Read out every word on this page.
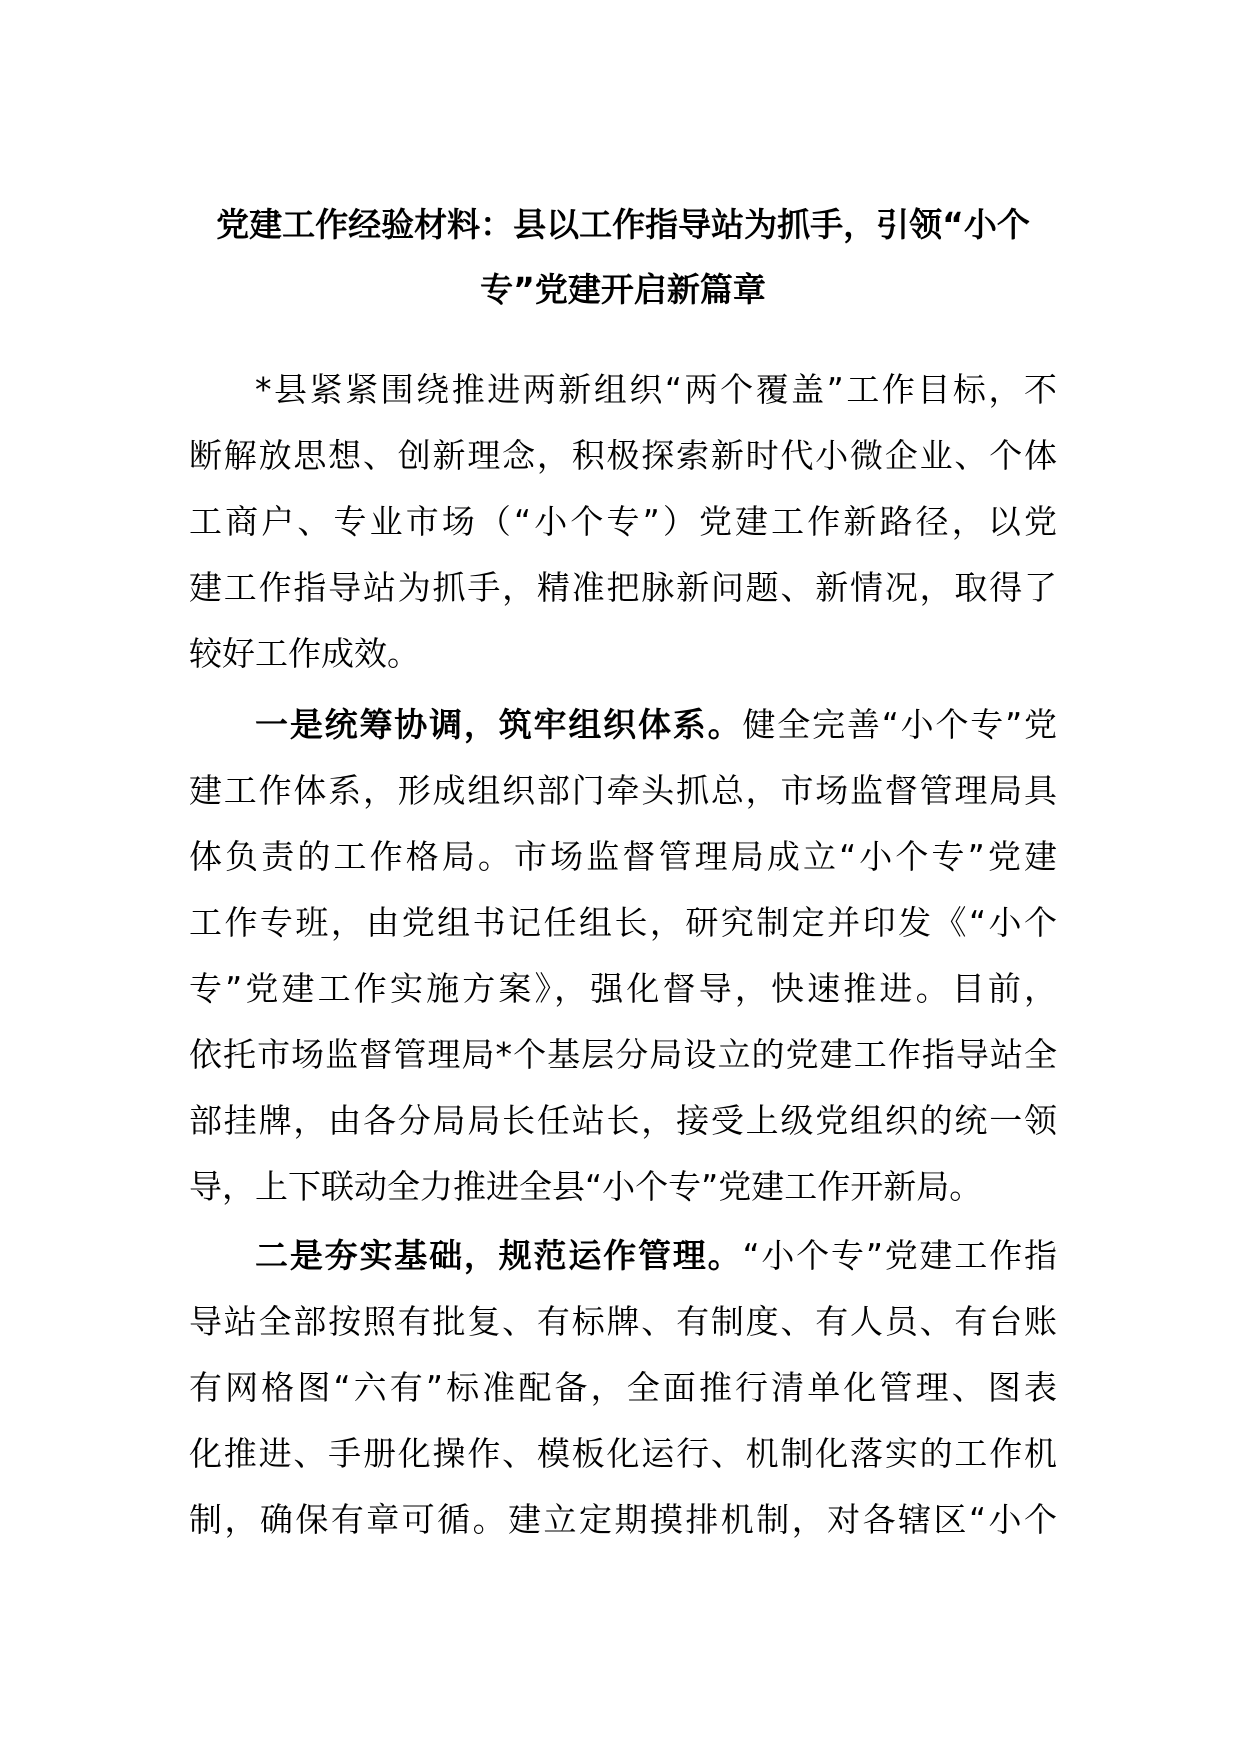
党建工作经验材料：县以工作指导站为抓手，引领“小个
专”党建开启新篇章
*县紧紧围绕推进两新组织“两个覆盖”工作目标，不
断解放思想、创新理念，积极探索新时代小微企业、个体
工商户、专业市场（“小个专”）党建工作新路径，以党
建工作指导站为抓手，精准把脉新问题、新情况，取得了
较好工作成效。
一是统筹协调，筑牢组织体系。健全完善“小个专”党
建工作体系，形成组织部门牵头抓总，市场监督管理局具
体负责的工作格局。市场监督管理局成立“小个专”党建
工作专班，由党组书记任组长，研究制定并印发《“小个
专”党建工作实施方案》，强化督导，快速推进。目前，
依托市场监督管理局*个基层分局设立的党建工作指导站全
部挂牌，由各分局局长任站长，接受上级党组织的统一领
导，上下联动全力推进全县“小个专”党建工作开新局。
二是夯实基础，规范运作管理。“小个专”党建工作指
导站全部按照有批复、有标牌、有制度、有人员、有台账
有网格图“六有”标准配备，全面推行清单化管理、图表
化推进、手册化操作、模板化运行、机制化落实的工作机
制，确保有章可循。建立定期摸排机制，对各辖区“小个
